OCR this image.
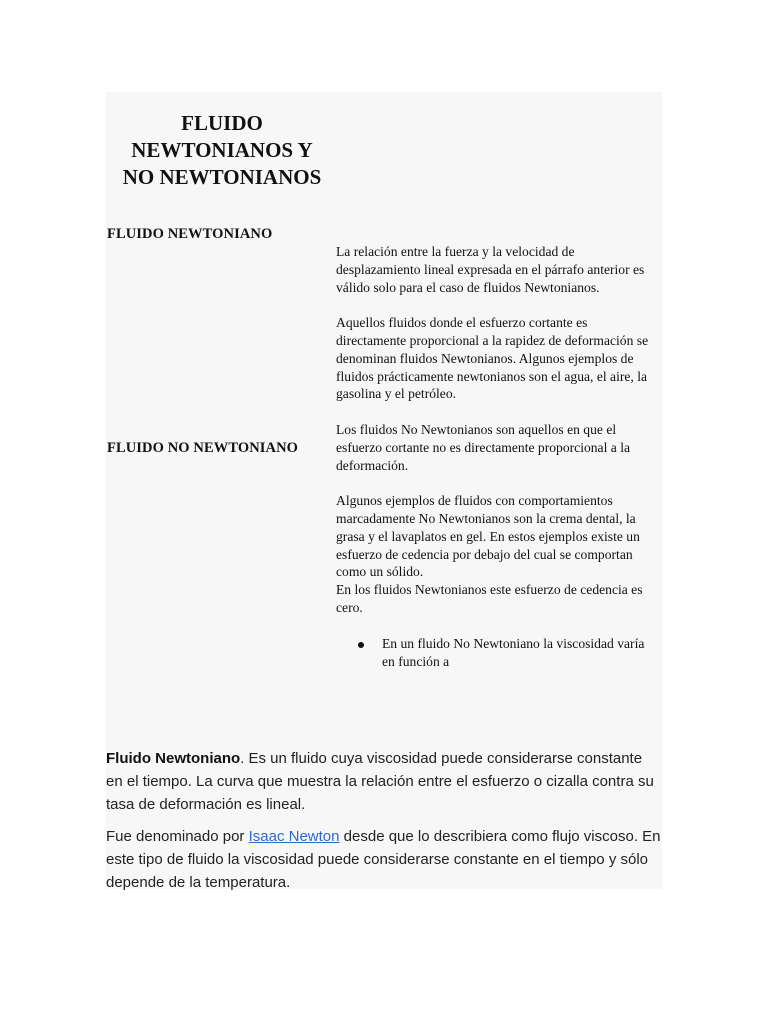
FLUIDO
NEWTONIANOS Y
NO NEWTONIANOS
FLUIDO NEWTONIANO
FLUIDO NO NEWTONIANO

La relación entre la fuerza y la velocidad de desplazamiento lineal expresada en el párrafo anterior es válido solo para el caso de fluidos Newtonianos.

Aquellos fluidos donde el esfuerzo cortante es directamente proporcional a la rapidez de deformación se denominan fluidos Newtonianos. Algunos ejemplos de fluidos prácticamente newtonianos son el agua, el aire, la gasolina y el petróleo.

Los fluidos No Newtonianos son aquellos en que el esfuerzo cortante no es directamente proporcional a la deformación.

Algunos ejemplos de fluidos con comportamientos marcadamente No Newtonianos son la crema dental, la grasa y el lavaplatos en gel. En estos ejemplos existe un esfuerzo de cedencia por debajo del cual se comportan como un sólido.

En los fluidos Newtonianos este esfuerzo de cedencia es cero.

En un fluido No Newtoniano la viscosidad varía en función a

Fluido Newtoniano. Es un fluido cuya viscosidad puede considerarse constante en el tiempo. La curva que muestra la relación entre el esfuerzo o cizalla contra su tasa de deformación es lineal.

Fue denominado por Isaac Newton desde que lo describiera como flujo viscoso. En este tipo de fluido la viscosidad puede considerarse constante en el tiempo y sólo depende de la temperatura.
